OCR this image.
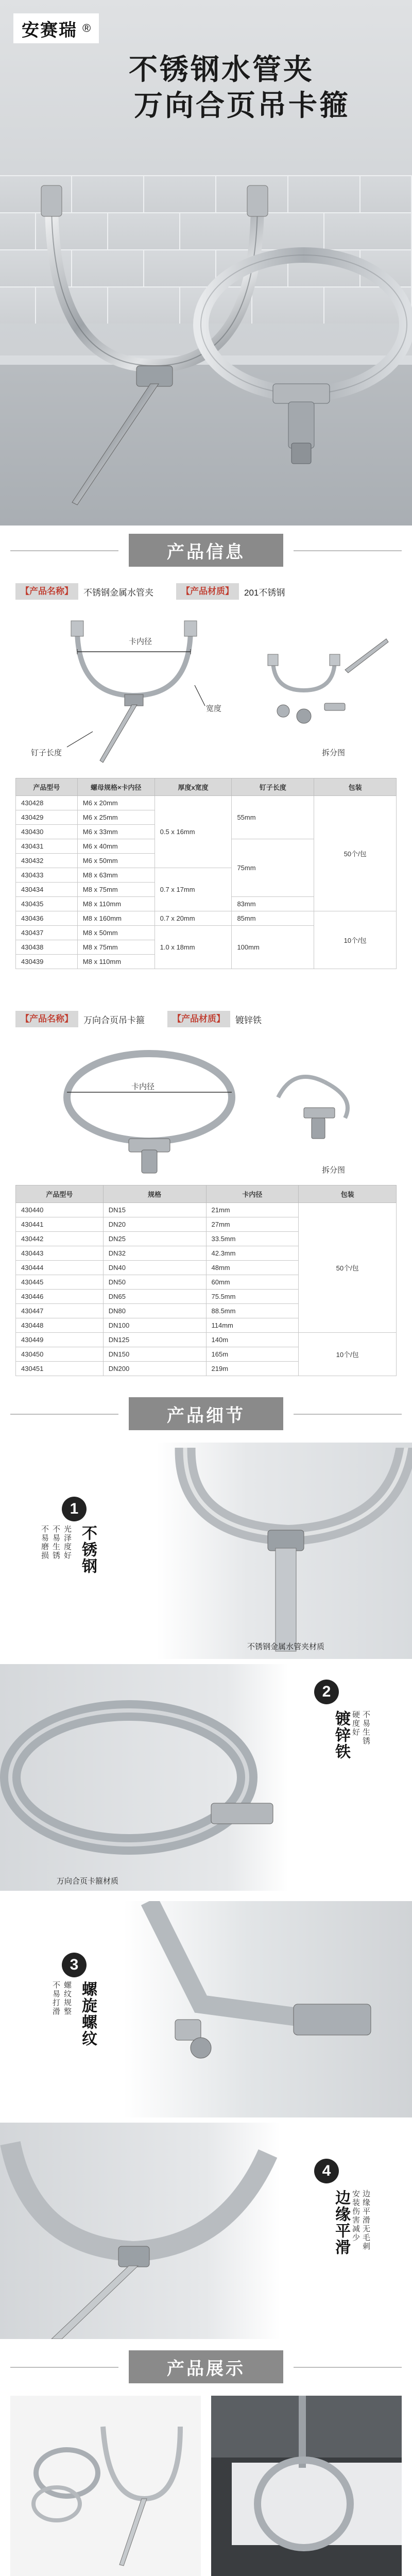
安赛瑞 ®
不锈钢水管夹

万向合页吊卡箍
产品信息
【产品名称】	不锈钢金属水管夹	【产品材质】	201不锈钢
卡内径
宽度
钉子长度	拆分图
产品型号	螺母规格×卡内径	厚度x宽度	钉子长度	包装
430428	M6 x 20mm	0.5 x 16mm	55mm	50个/包
430429	M6 x 25mm			
430430	M6 x 33mm			
430431	M6 x 40mm		75mm	
430432	M6 x 50mm			
430433	M8 x 63mm	0.7 x 17mm		
430434	M8 x 75mm			
430435	M8 x 110mm		83mm	
430436	M8 x 160mm	0.7 x 20mm	85mm	10个/包
430437	M8 x 50mm	1.0 x 18mm	100mm	
430438	M8 x 75mm			
430439	M8 x 110mm			
【产品名称】	万向合页吊卡箍	【产品材质】	镀锌铁
卡内径
拆分图
产品型号	规格	卡内径	包装
430440	DN15	21mm	50个/包
430441	DN20	27mm	
430442	DN25	33.5mm	
430443	DN32	42.3mm	
430444	DN40	48mm	
430445	DN50	60mm	
430446	DN65	75.5mm	
430447	DN80	88.5mm	
430448	DN100	114mm	
430449	DN125	140m	10个/包
430450	DN150	165m	
430451	DN200	219m	
产品细节
1
不锈钢
光泽度好
不易生锈
不易磨损
不锈钢金属水管夹材质
2
镀锌铁	不易生锈
硬度好
万向合页卡箍材质
3
螺旋螺纹
螺纹规整
不易打滑
4
边缘平滑	边缘平滑无毛刺
安装伤害减少
产品展示
